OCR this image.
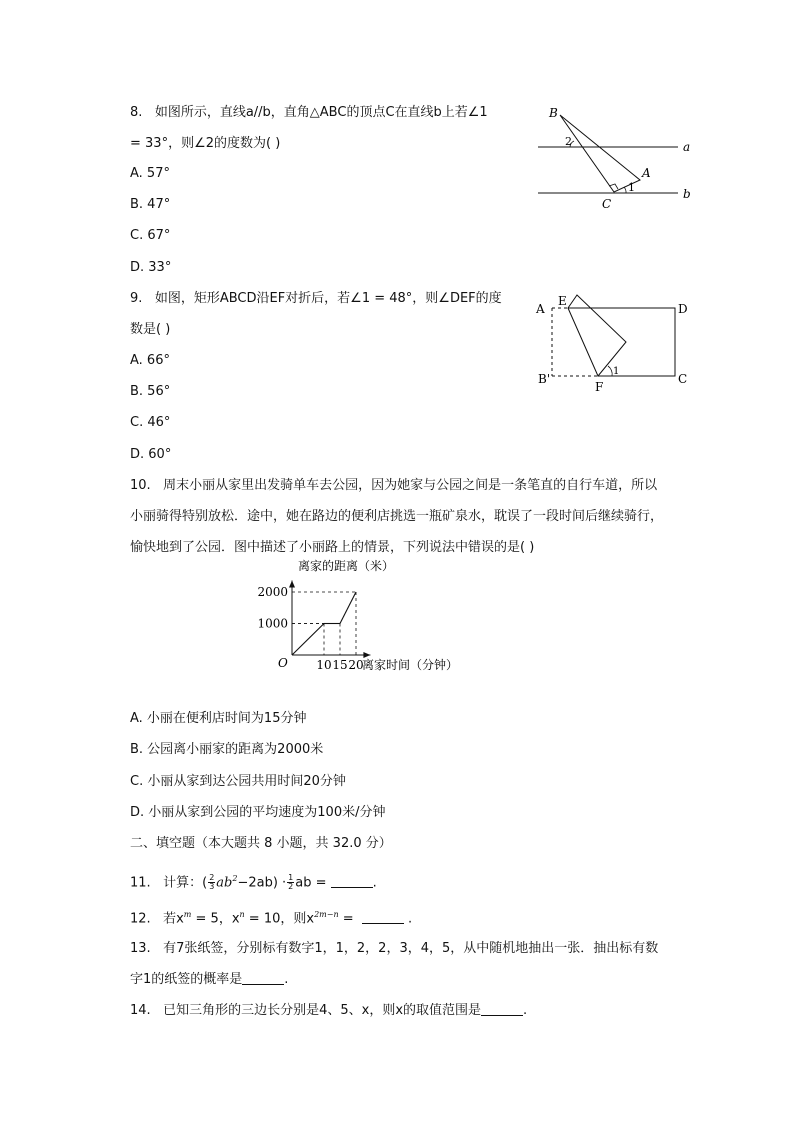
8. 如图所示，直线a//b，直角△ABC的顶点C在直线b上若∠1
= 33°，则∠2的度数为( )
A. 57°
B. 47°
C. 67°
D. 33°
B
2	a
A
1
C
b
9. 如图，矩形ABCD沿EF对折后，若∠1 = 48°，则∠DEF的度
数是( )
A. 66°
B. 56°
C. 46°
D. 60°
A
E
D
B'
1
F
C
10. 周末小丽从家里出发骑单车去公园，因为她家与公园之间是一条笔直的自行车道，所以
小丽骑得特别放松．途中，她在路边的便利店挑选一瓶矿泉水，耽误了一段时间后继续骑行，
愉快地到了公园．图中描述了小丽路上的情景，下列说法中错误的是( )
10 15 20
1000
2000
O
离家的距离（米）
离家时间（分钟）
A. 小丽在便利店时间为15分钟
B. 公园离小丽家的距离为2000米
C. 小丽从家到达公园共用时间20分钟
D. 小丽从家到公园的平均速度为100米/分钟
二、填空题（本大题共 8 小题，共 32.0 分）
11. 计算：( $\frac{2}{3} ab^2-2ab) \cdot \frac{1}{2}$ ab =	.
12. 若$x^m = 5$，$x^n = 10$，则$x^{2m-n}$ =	.
13. 有7张纸签，分别标有数字1，1，2，2，3，4，5，从中随机地抽出一张．抽出标有数
字1的纸签的概率是	.
14. 已知三角形的三边长分别是4、5、x，则x的取值范围是	.
